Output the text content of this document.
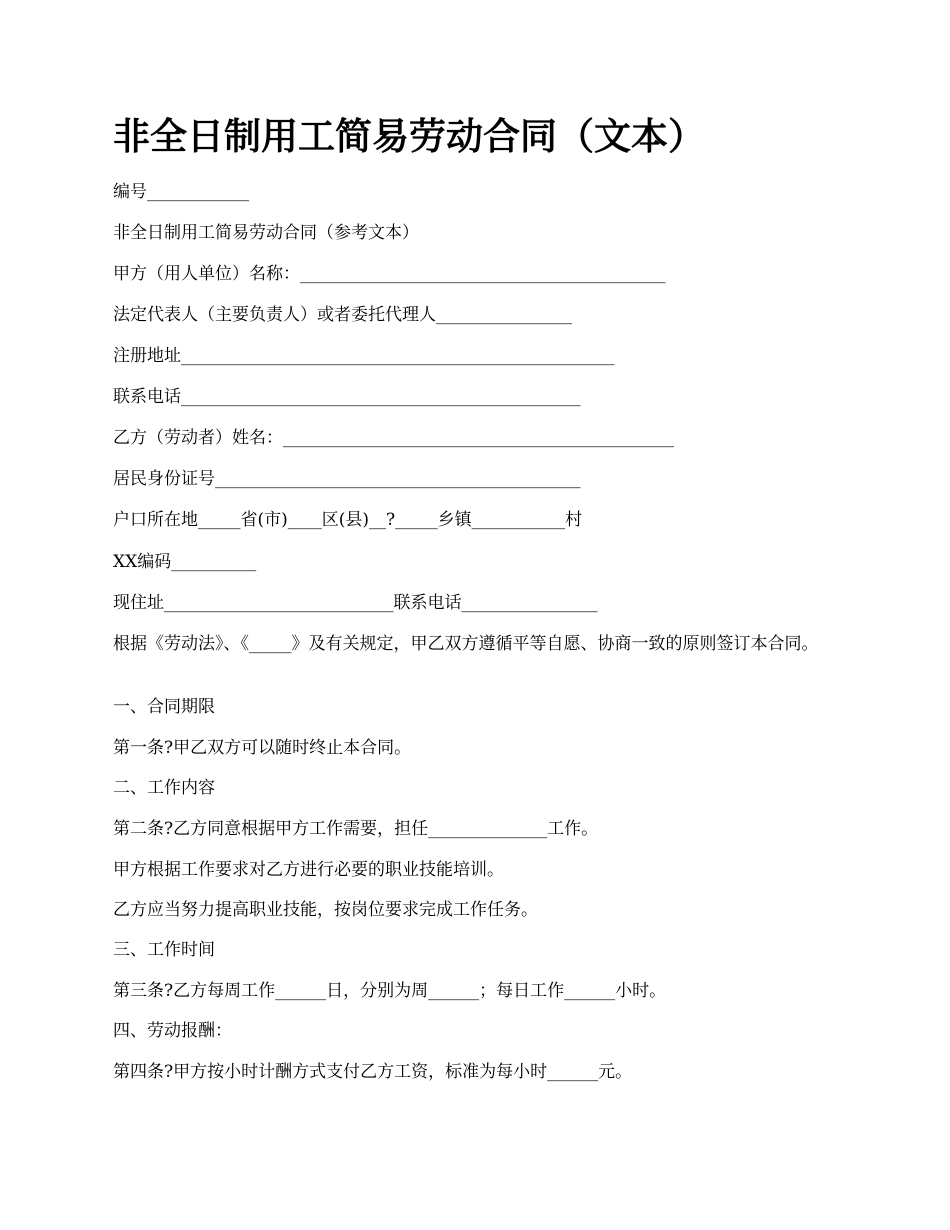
非全日制用工简易劳动合同（文本）

编号____________

非全日制用工简易劳动合同（参考文本）

甲方（用人单位）名称：___________________________________________

法定代表人（主要负责人）或者委托代理人________________

注册地址___________________________________________________

联系电话_______________________________________________

乙方（劳动者）姓名：______________________________________________

居民身份证号___________________________________________

户口所在地_____省(市)____区(县)__?_____乡镇___________村

XX编码__________

现住址___________________________联系电话________________

根据《劳动法》、《_____》及有关规定，甲乙双方遵循平等自愿、协商一致的原则签订本合同。

一、合同期限

第一条?甲乙双方可以随时终止本合同。

二、工作内容

第二条?乙方同意根据甲方工作需要，担任______________工作。

甲方根据工作要求对乙方进行必要的职业技能培训。

乙方应当努力提高职业技能，按岗位要求完成工作任务。

三、工作时间

第三条?乙方每周工作______日，分别为周______；每日工作______小时。

四、劳动报酬：

第四条?甲方按小时计酬方式支付乙方工资，标准为每小时______元。
